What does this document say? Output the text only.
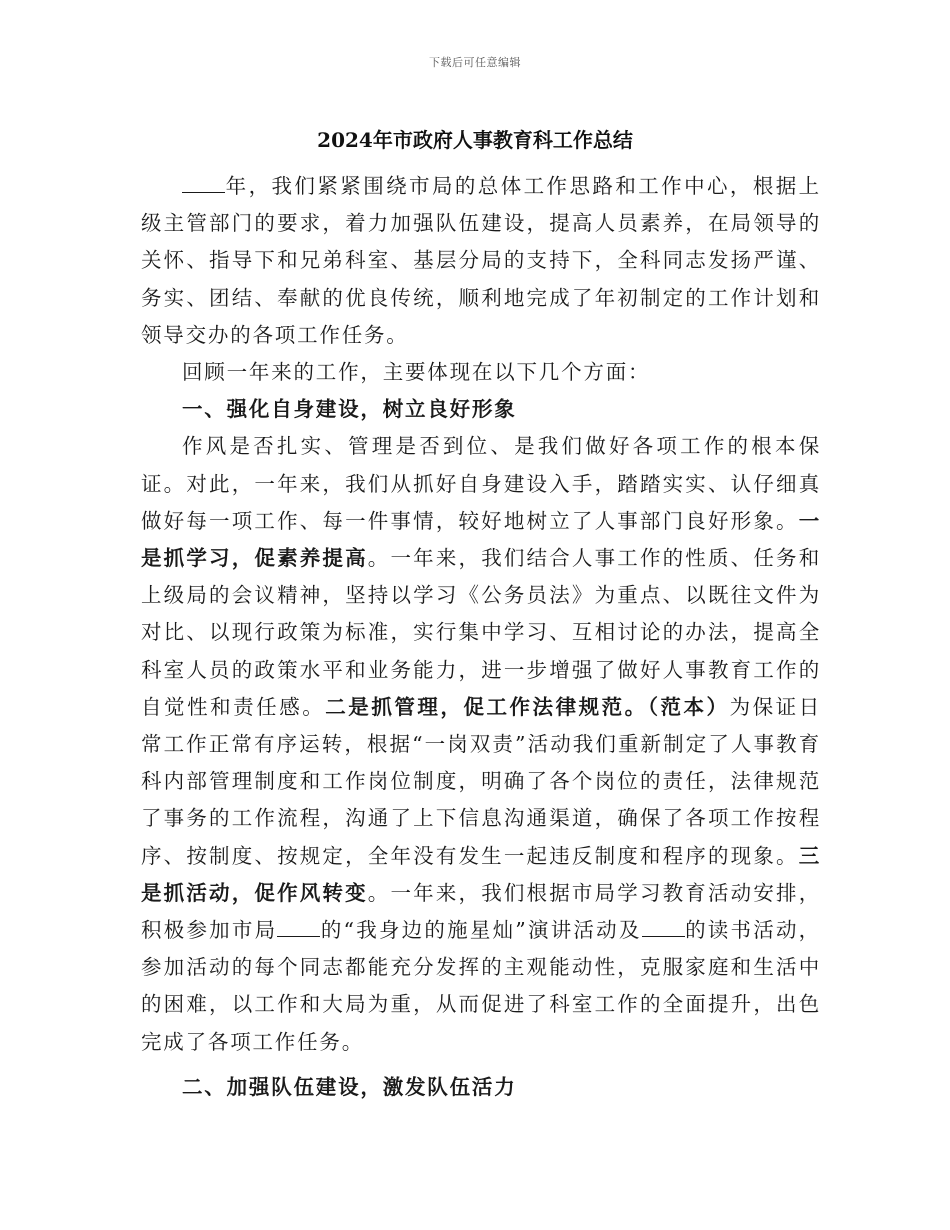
下载后可任意编辑
2024年市政府人事教育科工作总结

年，我们紧紧围绕市局的总体工作思路和工作中心，根据上级主管部门的要求，着力加强队伍建设，提高人员素养，在局领导的关怀、指导下和兄弟科室、基层分局的支持下，全科同志发扬严谨、务实、团结、奉献的优良传统，顺利地完成了年初制定的工作计划和领导交办的各项工作任务。

回顾一年来的工作，主要体现在以下几个方面：

一、强化自身建设，树立良好形象

作风是否扎实、管理是否到位、是我们做好各项工作的根本保证。对此，一年来，我们从抓好自身建设入手，踏踏实实、认仔细真做好每一项工作、每一件事情，较好地树立了人事部门良好形象。一是抓学习，促素养提高。一年来，我们结合人事工作的性质、任务和上级局的会议精神，坚持以学习《公务员法》为重点、以既往文件为对比、以现行政策为标准，实行集中学习、互相讨论的办法，提高全科室人员的政策水平和业务能力，进一步增强了做好人事教育工作的自觉性和责任感。二是抓管理，促工作法律规范。（范本）为保证日常工作正常有序运转，根据“一岗双责”活动我们重新制定了人事教育科内部管理制度和工作岗位制度，明确了各个岗位的责任，法律规范了事务的工作流程，沟通了上下信息沟通渠道，确保了各项工作按程序、按制度、按规定，全年没有发生一起违反制度和程序的现象。三是抓活动，促作风转变。一年来，我们根据市局学习教育活动安排，积极参加市局 的“我身边的施星灿”演讲活动及 的读书活动，参加活动的每个同志都能充分发挥的主观能动性，克服家庭和生活中的困难，以工作和大局为重，从而促进了科室工作的全面提升，出色完成了各项工作任务。

二、加强队伍建设，激发队伍活力
